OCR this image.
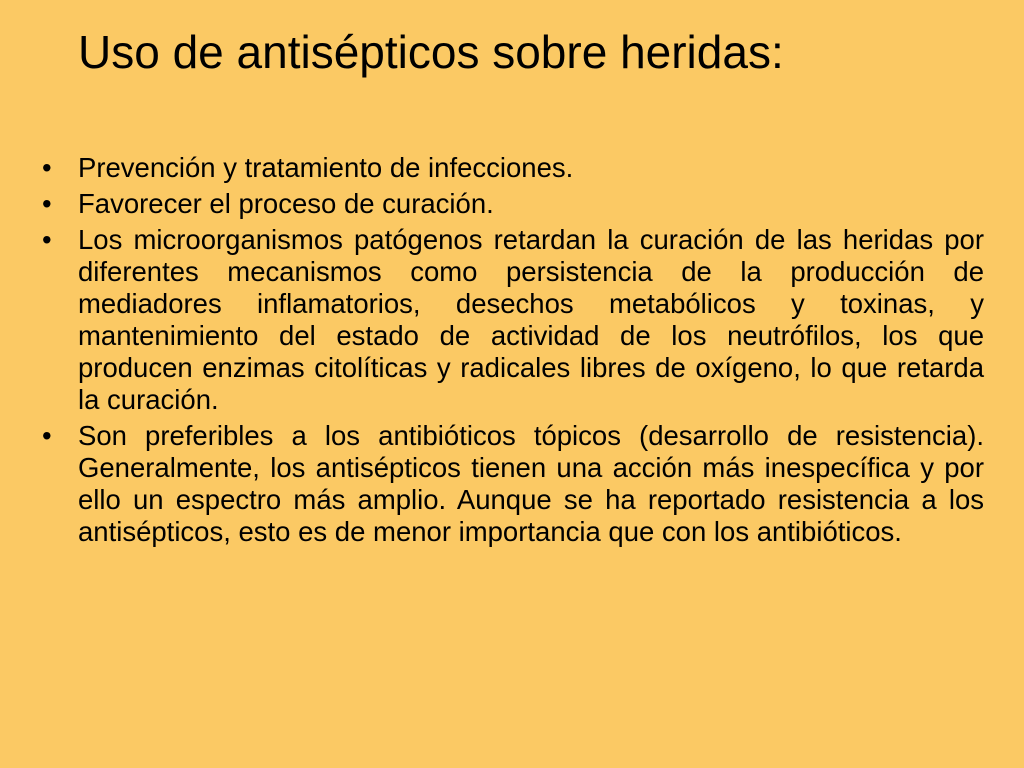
Uso de antisépticos sobre heridas:
• Prevención y tratamiento de infecciones.
• Favorecer el proceso de curación.
• Los microorganismos patógenos retardan la curación de las heridas por diferentes mecanismos como persistencia de la producción de mediadores inflamatorios, desechos metabólicos y toxinas, y mantenimiento del estado de actividad de los neutrófilos, los que producen enzimas citolíticas y radicales libres de oxígeno, lo que retarda la curación.
• Son preferibles a los antibióticos tópicos (desarrollo de resistencia). Generalmente, los antisépticos tienen una acción más inespecífica y por ello un espectro más amplio. Aunque se ha reportado resistencia a los antisépticos, esto es de menor importancia que con los antibióticos.
